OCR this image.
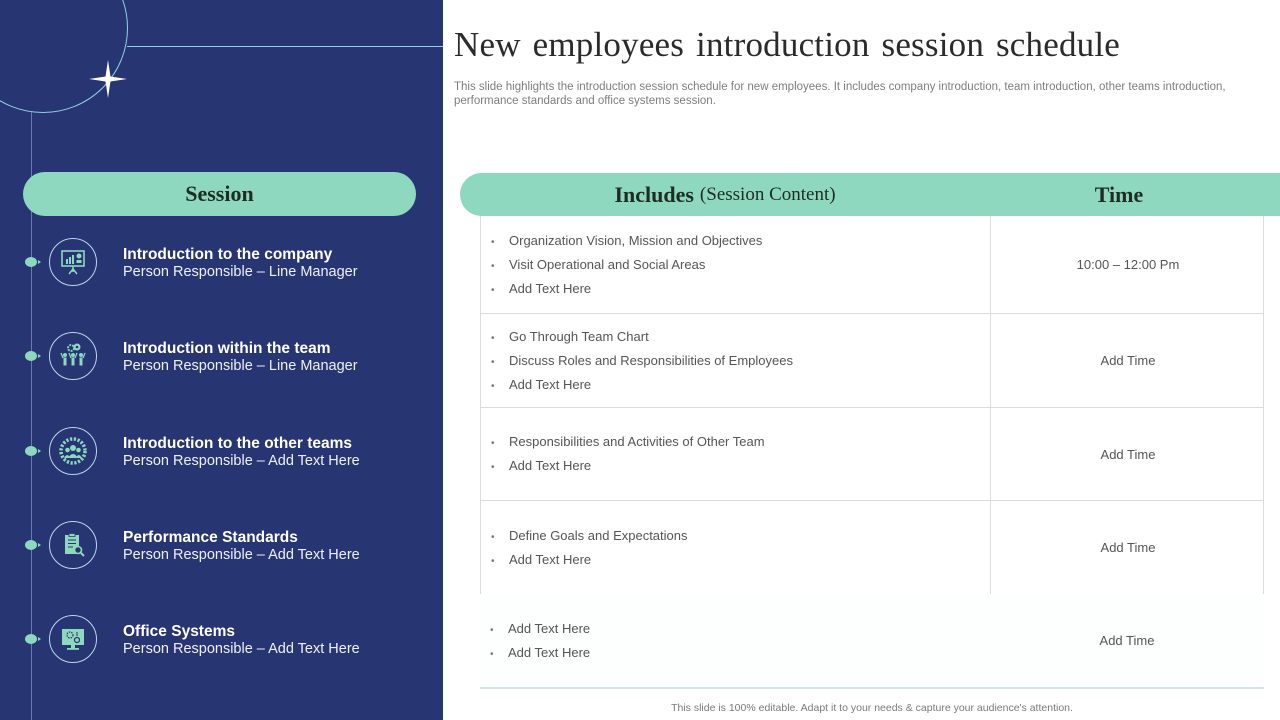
Session
Introduction to the company
Person Responsible – Line Manager
Introduction within the team
Person Responsible – Line Manager
Introduction to the other teams
Person Responsible – Add Text Here
Performance Standards
Person Responsible – Add Text Here
Office Systems
Person Responsible – Add Text Here
New employees introduction session schedule
This slide highlights the introduction session schedule for new employees. It includes company introduction, team introduction, other teams introduction, performance standards and office systems session.
Includes (Session Content)	Time
• Organization Vision, Mission and Objectives
• Visit Operational and Social Areas
• Add Text Here
10:00 – 12:00 Pm
• Go Through Team Chart
• Discuss Roles and Responsibilities of Employees
• Add Text Here
Add Time
• Responsibilities and Activities of Other Team
• Add Text Here
Add Time
• Define Goals and Expectations
• Add Text Here
Add Time
• Add Text Here
• Add Text Here
Add Time
This slide is 100% editable. Adapt it to your needs & capture your audience's attention.
